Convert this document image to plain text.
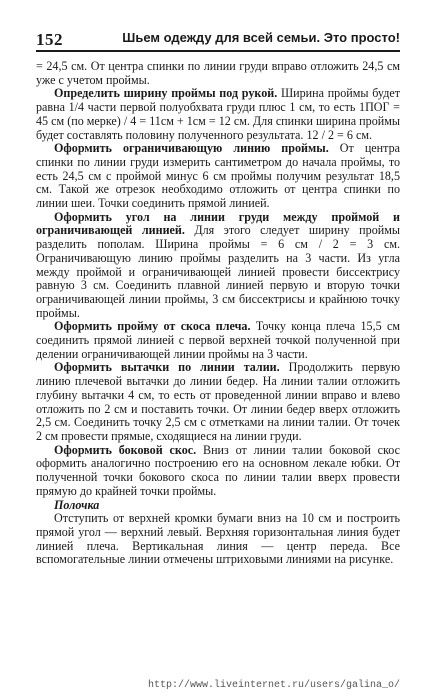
152	Шьем одежду для всей семьи. Это просто!

= 24,5 см. От центра спинки по линии груди вправо отложить 24,5 см уже с учетом проймы.

Определить ширину проймы под рукой. Ширина проймы будет равна 1/4 части первой полуобхвата груди плюс 1 см, то есть 1ПОГ = 45 см (по мерке) / 4 = 11см + 1см = 12 см. Для спинки ширина проймы будет составлять половину полученного результата. 12 / 2 = 6 см.

Оформить ограничивающую линию проймы. От центра спинки по линии груди измерить сантиметром до начала проймы, то есть 24,5 см с проймой минус 6 см проймы получим результат 18,5 см. Такой же отрезок необходимо отложить от центра спинки по линии шеи. Точки соединить прямой линией.

Оформить угол на линии груди между проймой и ограничивающей линией. Для этого следует ширину проймы разделить пополам. Ширина проймы = 6 см / 2 = 3 см. Ограничивающую линию проймы разделить на 3 части. Из угла между проймой и ограничивающей линией провести биссектрису равную 3 см. Соединить плавной линией первую и вторую точки ограничивающей линии проймы, 3 см биссектрисы и крайнюю точку проймы.

Оформить пройму от скоса плеча. Точку конца плеча 15,5 см соединить прямой линией с первой верхней точкой полученной при делении ограничивающей линии проймы на 3 части.

Оформить вытачки по линии талии. Продолжить первую линию плечевой вытачки до линии бедер. На линии талии отложить глубину вытачки 4 см, то есть от проведенной линии вправо и влево отложить по 2 см и поставить точки. От линии бедер вверх отложить 2,5 см. Соединить точку 2,5 см с отметками на линии талии. От точек 2 см провести прямые, сходящиеся на линии груди.

Оформить боковой скос. Вниз от линии талии боковой скос оформить аналогично построению его на основном лекале юбки. От полученной точки бокового скоса по линии талии вверх провести прямую до крайней точки проймы.

Полочка

Отступить от верхней кромки бумаги вниз на 10 см и построить прямой угол — верхний левый. Верхняя горизонтальная линия будет линией плеча. Вертикальная линия — центр переда. Все вспомогательные линии отмечены штриховыми линиями на рисунке.

http://www.liveinternet.ru/users/galina_o/
